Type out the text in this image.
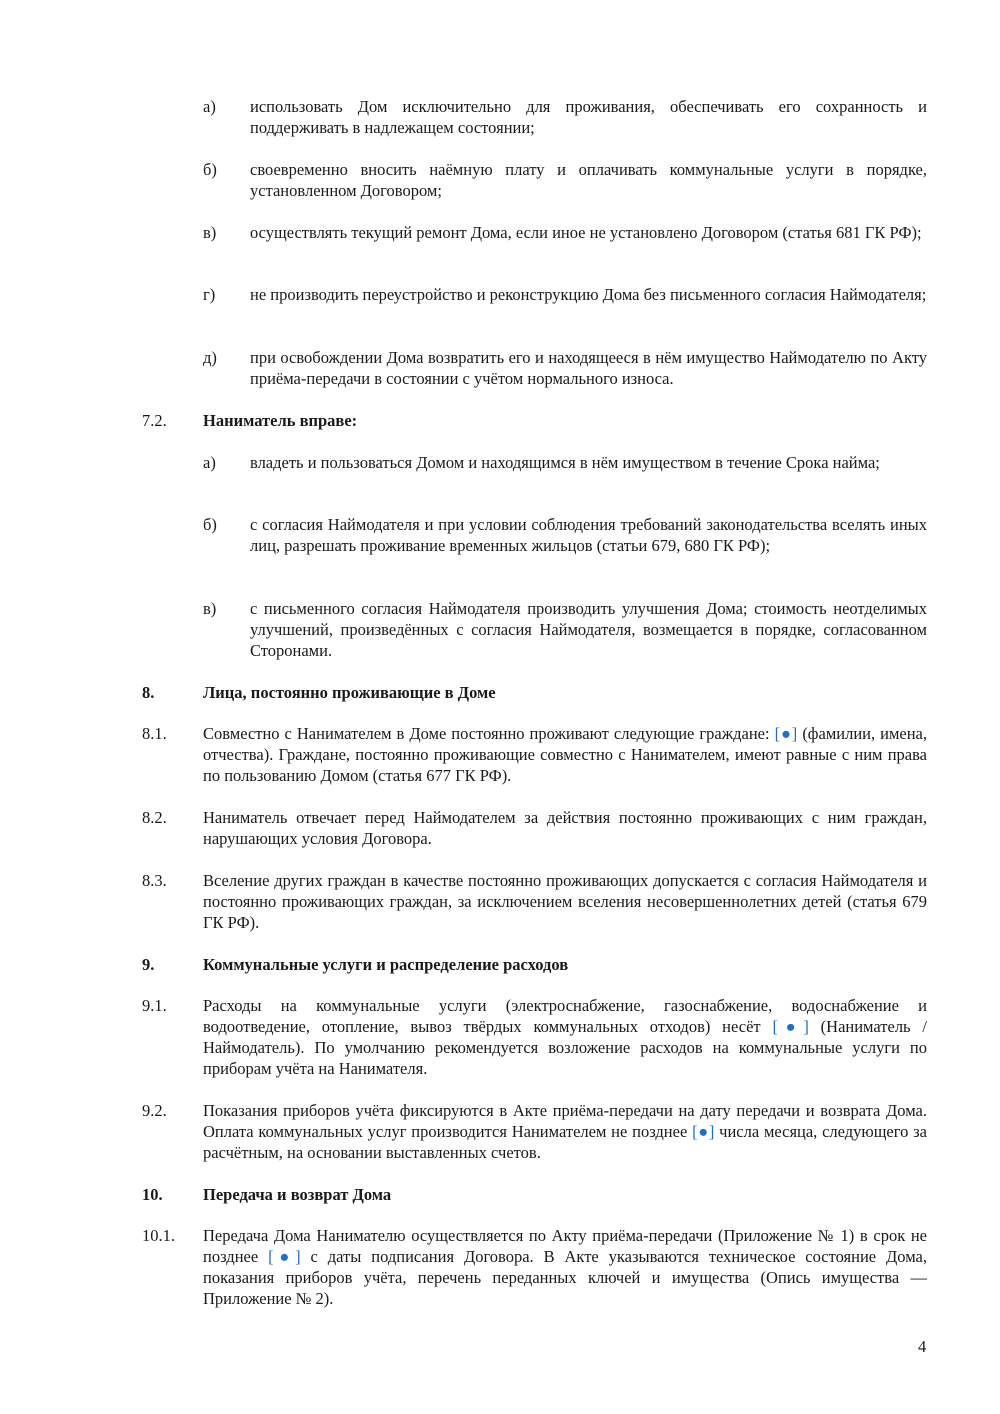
а) использовать Дом исключительно для проживания, обеспечивать его сохранность и поддерживать в надлежащем состоянии;
б) своевременно вносить наёмную плату и оплачивать коммунальные услуги в порядке, установленном Договором;
в) осуществлять текущий ремонт Дома, если иное не установлено Договором (статья 681 ГК РФ);
г) не производить переустройство и реконструкцию Дома без письменного согласия Наймодателя;
д) при освобождении Дома возвратить его и находящееся в нём имущество Наймодателю по Акту приёма-передачи в состоянии с учётом нормального износа.
7.2. Наниматель вправе:
а) владеть и пользоваться Домом и находящимся в нём имуществом в течение Срока найма;
б) с согласия Наймодателя и при условии соблюдения требований законодательства вселять иных лиц, разрешать проживание временных жильцов (статьи 679, 680 ГК РФ);
в) с письменного согласия Наймодателя производить улучшения Дома; стоимость неотделимых улучшений, произведённых с согласия Наймодателя, возмещается в порядке, согласованном Сторонами.
8.	Лица, постоянно проживающие в Доме
8.1. Совместно с Нанимателем в Доме постоянно проживают следующие граждане: [●] (фамилии, имена, отчества). Граждане, постоянно проживающие совместно с Нанимателем, имеют равные с ним права по пользованию Домом (статья 677 ГК РФ).
8.2. Наниматель отвечает перед Наймодателем за действия постоянно проживающих с ним граждан, нарушающих условия Договора.
8.3. Вселение других граждан в качестве постоянно проживающих допускается с согласия Наймодателя и постоянно проживающих граждан, за исключением вселения несовершеннолетних детей (статья 679 ГК РФ).
9.	Коммунальные услуги и распределение расходов
9.1. Расходы на коммунальные услуги (электроснабжение, газоснабжение, водоснабжение и водоотведение, отопление, вывоз твёрдых коммунальных отходов) несёт [●] (Наниматель / Наймодатель). По умолчанию рекомендуется возложение расходов на коммунальные услуги по приборам учёта на Нанимателя.
9.2. Показания приборов учёта фиксируются в Акте приёма-передачи на дату передачи и возврата Дома. Оплата коммунальных услуг производится Нанимателем не позднее [●] числа месяца, следующего за расчётным, на основании выставленных счетов.
10. Передача и возврат Дома
10.1. Передача Дома Нанимателю осуществляется по Акту приёма-передачи (Приложение № 1) в срок не позднее [●] с даты подписания Договора. В Акте указываются техническое состояние Дома, показания приборов учёта, перечень переданных ключей и имущества (Опись имущества — Приложение № 2).
4
